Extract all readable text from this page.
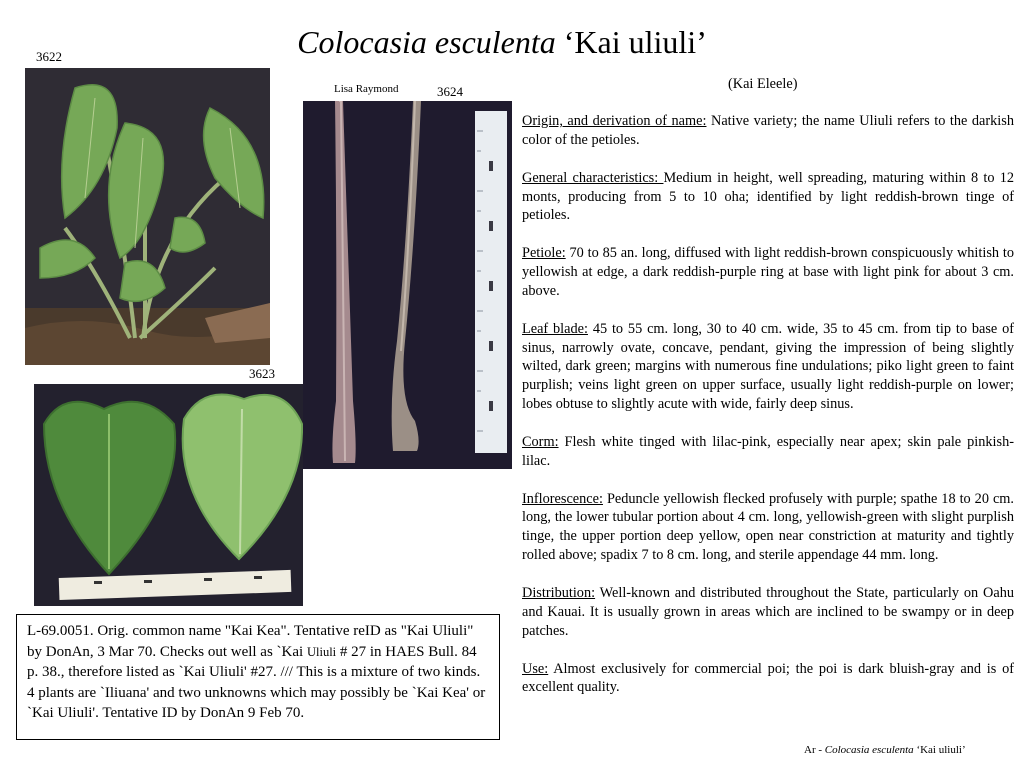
Colocasia esculenta ‘Kai uliuli’
3622
3623
3624
Lisa Raymond	(Kai Eleele)

Origin, and derivation of name: Native variety; the name Uliuli refers to the darkish color of the petioles.

General characteristics: Medium in height, well spreading, maturing within 8 to 12 monts, producing from 5 to 10 oha; identified by light reddish-brown tinge of petioles.

Petiole: 70 to 85 an. long, diffused with light reddish-brown conspicuously whitish to yellowish at edge, a dark reddish-purple ring at base with light pink for about 3 cm. above.

Leaf blade: 45 to 55 cm. long, 30 to 40 cm. wide, 35 to 45 cm. from tip to base of sinus, narrowly ovate, concave, pendant, giving the impression of being slightly wilted, dark green; margins with numerous fine undulations; piko light green to faint purplish; veins light green on upper surface, usually light reddish-purple on lower; lobes obtuse to slightly acute with wide, fairly deep sinus.

Corm: Flesh white tinged with lilac-pink, especially near apex; skin pale pinkish-lilac.

Inflorescence: Peduncle yellowish flecked profusely with purple; spathe 18 to 20 cm. long, the lower tubular portion about 4 cm. long, yellowish-green with slight purplish tinge, the upper portion deep yellow, open near constriction at maturity and tightly rolled above; spadix 7 to 8 cm. long, and sterile appendage 44 mm. long.

Distribution: Well-known and distributed throughout the State, particularly on Oahu and Kauai. It is usually grown in areas which are inclined to be swampy or in deep patches.

Use: Almost exclusively for commercial poi; the poi is dark bluish-gray and is of excellent quality.

L-69.0051. Orig. common name "Kai Kea". Tentative reID as "Kai Uliuli" by DonAn, 3 Mar 70. Checks out well as `Kai Uliuli # 27 in HAES Bull. 84 p. 38., therefore listed as `Kai Uliuli' #27. /// This is a mixture of two kinds. 4 plants are `Iliuana' and two unknowns which may possibly be `Kai Kea' or `Kai Uliuli'. Tentative ID by DonAn 9 Feb 70.
Ar - Colocasia esculenta ‘Kai uliuli’
